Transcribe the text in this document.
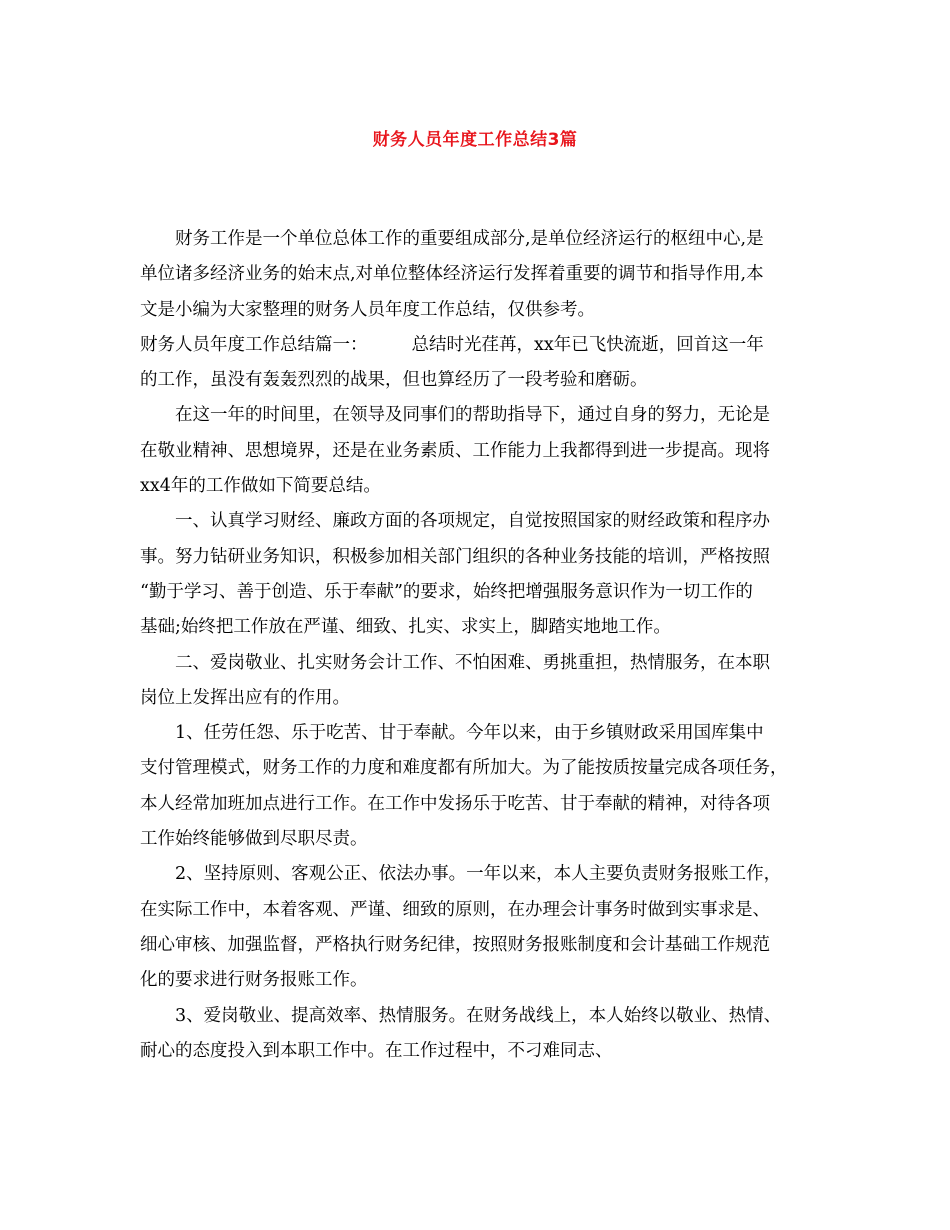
财务人员年度工作总结3篇
财务工作是一个单位总体工作的重要组成部分,是单位经济运行的枢纽中心,是
单位诸多经济业务的始末点,对单位整体经济运行发挥着重要的调节和指导作用,本
文是小编为大家整理的财务人员年度工作总结，仅供参考。
财务人员年度工作总结篇一：	总结时光荏苒，xx年已飞快流逝，回首这一年
的工作，虽没有轰轰烈烈的战果，但也算经历了一段考验和磨砺。
在这一年的时间里，在领导及同事们的帮助指导下，通过自身的努力，无论是
在敬业精神、思想境界，还是在业务素质、工作能力上我都得到进一步提高。现将
xx4年的工作做如下简要总结。
一、认真学习财经、廉政方面的各项规定，自觉按照国家的财经政策和程序办
事。努力钻研业务知识，积极参加相关部门组织的各种业务技能的培训，严格按照
“勤于学习、善于创造、乐于奉献”的要求，始终把增强服务意识作为一切工作的
基础;始终把工作放在严谨、细致、扎实、求实上，脚踏实地地工作。
二、爱岗敬业、扎实财务会计工作、不怕困难、勇挑重担，热情服务，在本职
岗位上发挥出应有的作用。
1、任劳任怨、乐于吃苦、甘于奉献。今年以来，由于乡镇财政采用国库集中
支付管理模式，财务工作的力度和难度都有所加大。为了能按质按量完成各项任务，
本人经常加班加点进行工作。在工作中发扬乐于吃苦、甘于奉献的精神，对待各项
工作始终能够做到尽职尽责。
2、坚持原则、客观公正、依法办事。一年以来，本人主要负责财务报账工作，
在实际工作中，本着客观、严谨、细致的原则，在办理会计事务时做到实事求是、
细心审核、加强监督，严格执行财务纪律，按照财务报账制度和会计基础工作规范
化的要求进行财务报账工作。
3、爱岗敬业、提高效率、热情服务。在财务战线上，本人始终以敬业、热情、
耐心的态度投入到本职工作中。在工作过程中，不刁难同志、
